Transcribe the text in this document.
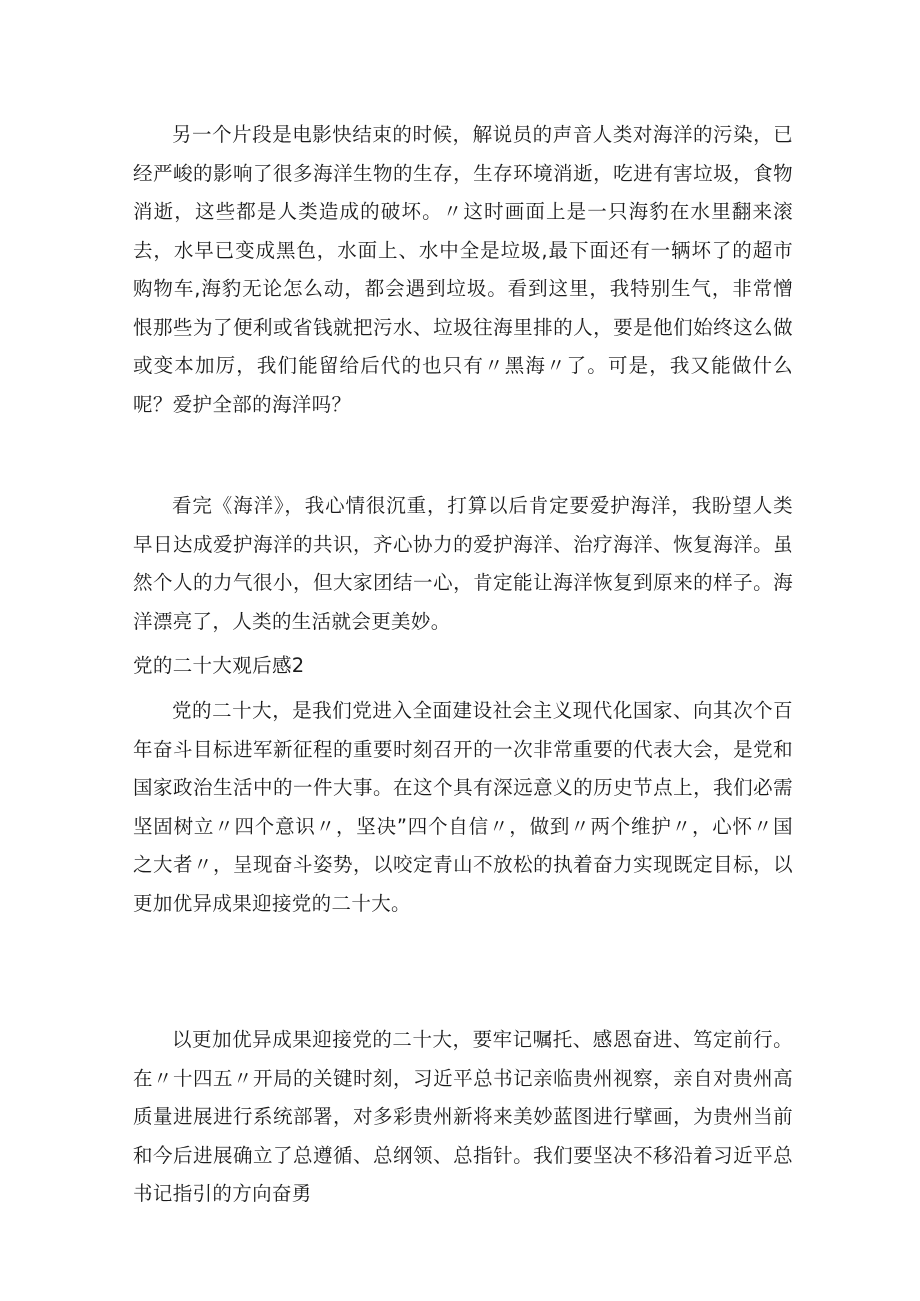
另一个片段是电影快结束的时候，解说员的声音人类对海洋的污染，已经严峻的影响了很多海洋生物的生存，生存环境消逝，吃进有害垃圾，食物消逝，这些都是人类造成的破坏。〃这时画面上是一只海豹在水里翻来滚去，水早已变成黑色，水面上、水中全是垃圾,最下面还有一辆坏了的超市购物车,海豹无论怎么动，都会遇到垃圾。看到这里，我特别生气，非常憎恨那些为了便利或省钱就把污水、垃圾往海里排的人，要是他们始终这么做或变本加厉，我们能留给后代的也只有〃黑海〃了。可是，我又能做什么呢？爱护全部的海洋吗？

看完《海洋》，我心情很沉重，打算以后肯定要爱护海洋，我盼望人类早日达成爱护海洋的共识，齐心协力的爱护海洋、治疗海洋、恢复海洋。虽然个人的力气很小，但大家团结一心，肯定能让海洋恢复到原来的样子。海洋漂亮了，人类的生活就会更美妙。

党的二十大观后感2

党的二十大，是我们党进入全面建设社会主义现代化国家、向其次个百年奋斗目标进军新征程的重要时刻召开的一次非常重要的代表大会，是党和国家政治生活中的一件大事。在这个具有深远意义的历史节点上，我们必需坚固树立〃四个意识〃，坚决”四个自信〃，做到〃两个维护〃，心怀〃国之大者〃，呈现奋斗姿势，以咬定青山不放松的执着奋力实现既定目标，以更加优异成果迎接党的二十大。

以更加优异成果迎接党的二十大，要牢记嘱托、感恩奋进、笃定前行。在〃十四五〃开局的关键时刻，习近平总书记亲临贵州视察，亲自对贵州高质量进展进行系统部署，对多彩贵州新将来美妙蓝图进行擘画，为贵州当前和今后进展确立了总遵循、总纲领、总指针。我们要坚决不移沿着习近平总书记指引的方向奋勇
